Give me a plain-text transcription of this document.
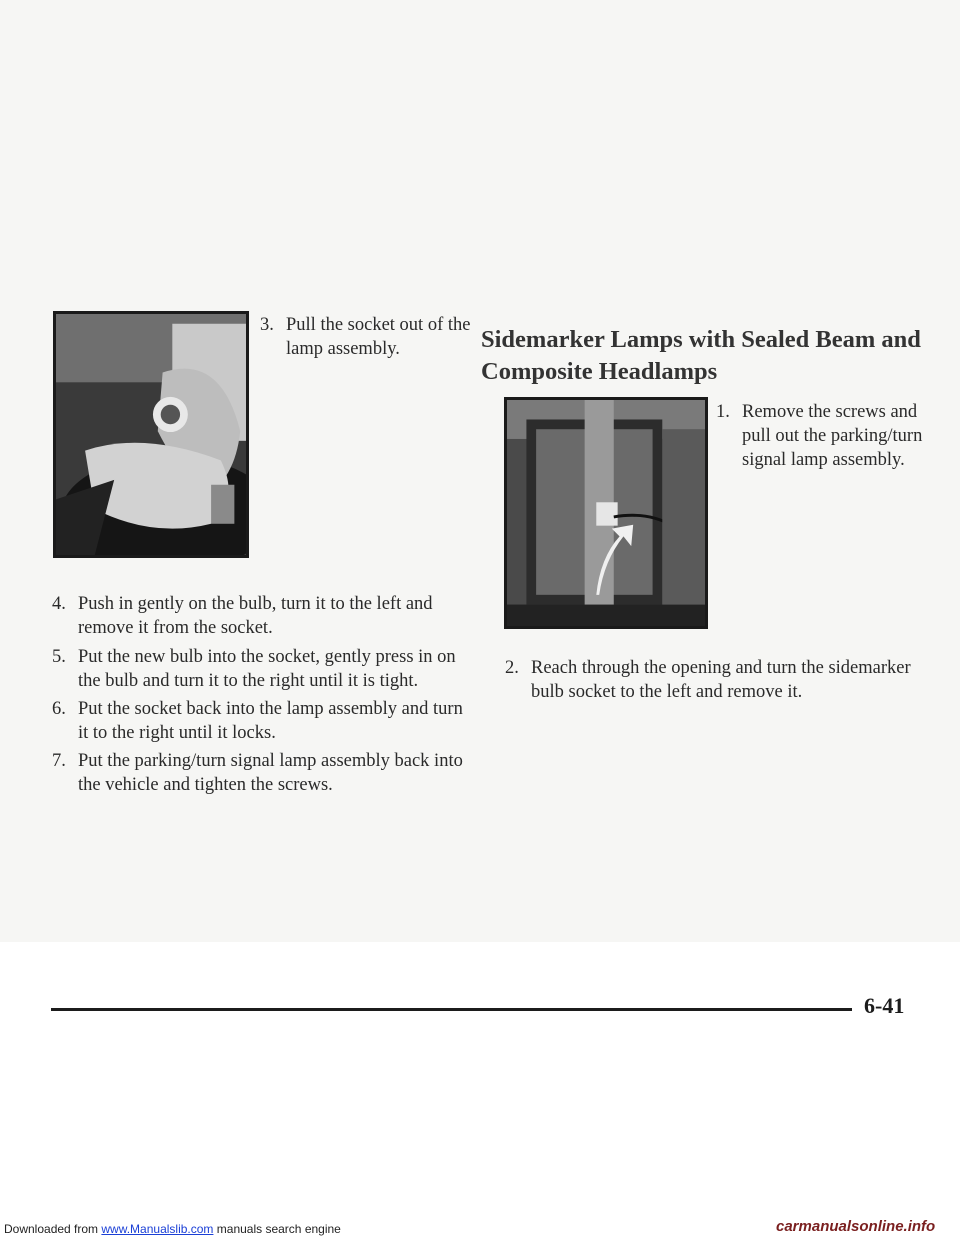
3. Pull the socket out of the lamp assembly.
4. Push in gently on the bulb, turn it to the left and remove it from the socket.
5. Put the new bulb into the socket, gently press in on the bulb and turn it to the right until it is tight.
6. Put the socket back into the lamp assembly and turn it to the right until it locks.
7. Put the parking/turn signal lamp assembly back into the vehicle and tighten the screws.
Sidemarker Lamps with Sealed Beam and Composite Headlamps
1. Remove the screws and pull out the parking/turn signal lamp assembly.
2. Reach through the opening and turn the sidemarker bulb socket to the left and remove it.
6-41
Downloaded from www.Manualslib.com manuals search engine	carmanualsonline.info
